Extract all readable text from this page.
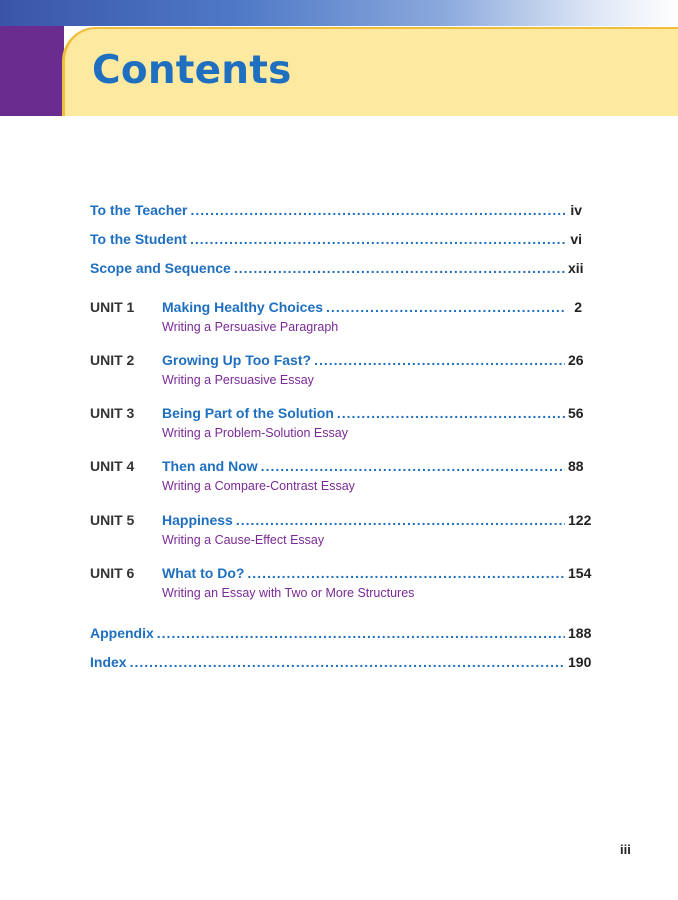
Contents
To the Teacher .....	iv
To the Student .....	vi
Scope and Sequence .....	xii
UNIT 1	Making Healthy Choices .....	2
Writing a Persuasive Paragraph
UNIT 2	Growing Up Too Fast? .....	26
Writing a Persuasive Essay
UNIT 3	Being Part of the Solution .....	56
Writing a Problem-Solution Essay
UNIT 4	Then and Now .....	88
Writing a Compare-Contrast Essay
UNIT 5	Happiness .....	122
Writing a Cause-Effect Essay
UNIT 6	What to Do? .....	154
Writing an Essay with Two or More Structures
Appendix .....	188
Index .....	190
iii
